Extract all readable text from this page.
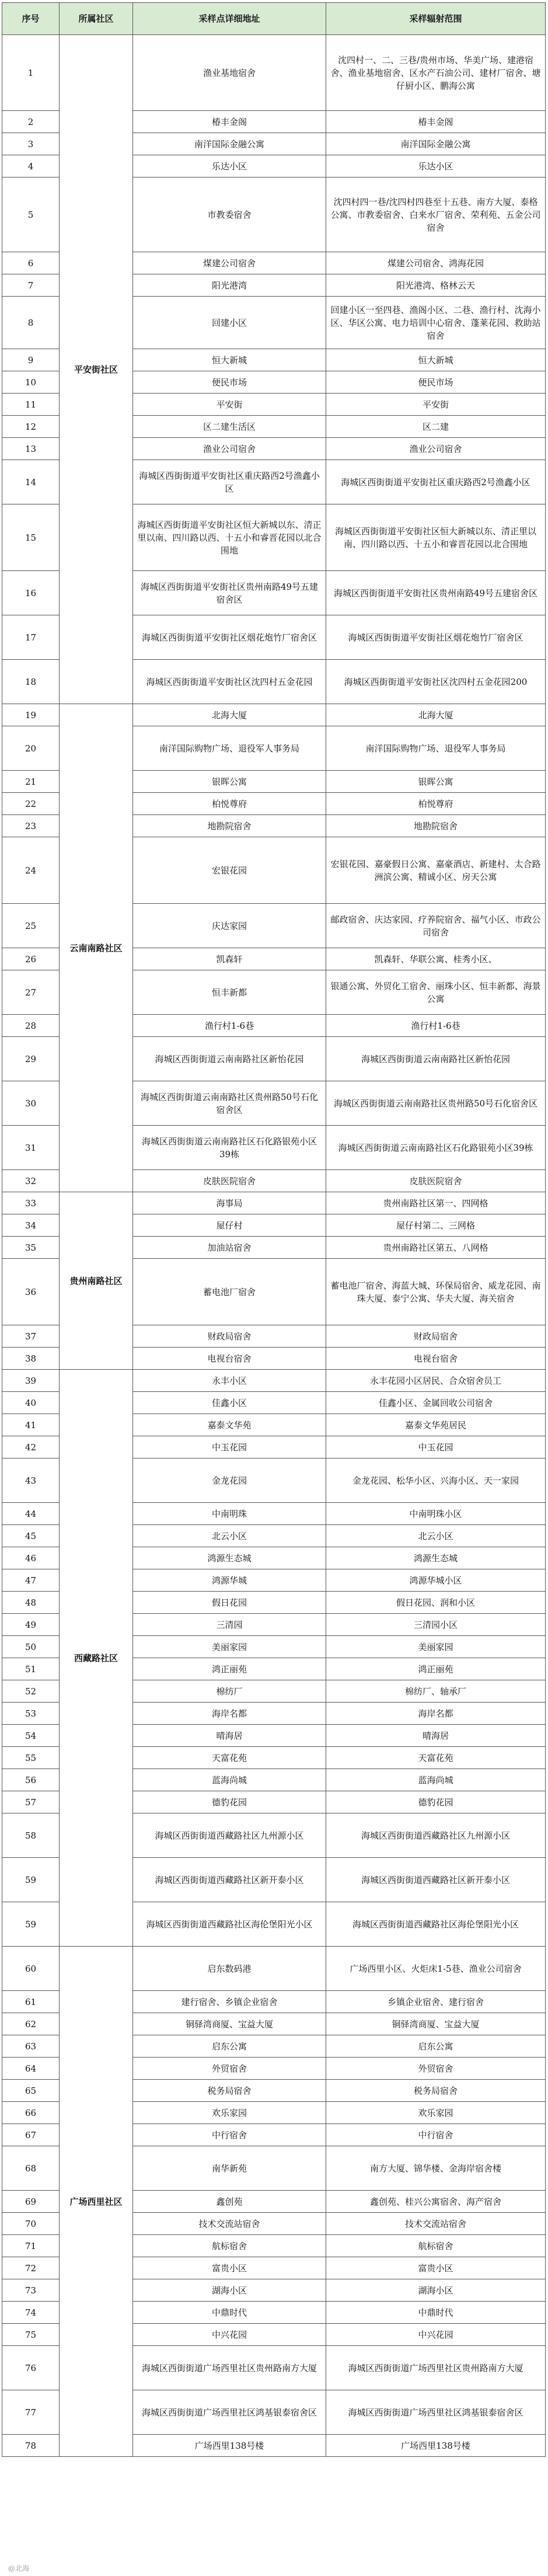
序号	所属社区	采样点详细地址	采样辐射范围
1	平安街社区	渔业基地宿舍	沈四村一、二、三巷/贵州市场、华美广场、建港宿舍、渔业基地宿舍、区水产石油公司、建材厂宿舍、塘仔厨小区、鹏海公寓
2		椿丰金阁	椿丰金阁
3		南洋国际金融公寓	南洋国际金融公寓
4		乐达小区	乐达小区
5		市教委宿舍	沈四村四一巷/沈四村四巷至十五巷、南方大厦、泰格公寓、市教委宿舍、白来水厂宿舍、荣利苑、五金公司宿舍
6		煤建公司宿舍	煤建公司宿舍、鸿海花园
7		阳光港湾	阳光港湾、格林云天
8		回建小区	回建小区一至四巷、渔阁小区、二巷、渔行村、沈海小区、华区公寓、电力培训中心宿舍、蓬莱花园、救助站宿舍
9		恒大新城	恒大新城
10		便民市场	便民市场
11		平安街	平安街
12		区二建生活区	区二建
13		渔业公司宿舍	渔业公司宿舍
14		海城区西街街道平安街社区重庆路西2号渔鑫小区	海城区西街街道平安街社区重庆路西2号渔鑫小区
15		海城区西街街道平安街社区恒大新城以东、清正里以南、四川路以西、十五小和睿晋花园以北合围地	海城区西街街道平安街社区恒大新城以东、清正里以南、四川路以西、十五小和睿晋花园以北合围地
16		海城区西街街道平安街社区贵州南路49号五建宿舍区	海城区西街街道平安街社区贵州南路49号五建宿舍区
17		海城区西街街道平安街社区烟花炮竹厂宿舍区	海城区西街街道平安街社区烟花炮竹厂宿舍区
18		海城区西街街道平安街社区沈四村五金花园	海城区西街街道平安街社区沈四村五金花园200
19	云南南路社区	北海大厦	北海大厦
20		南洋国际购物广场、退役军人事务局	南洋国际购物广场、退役军人事务局
21		银晖公寓	银晖公寓
22		柏悦尊府	柏悦尊府
23		地勘院宿舍	地勘院宿舍
24		宏银花园	宏银花园、嘉豪假日公寓、嘉豪酒店、新建村、太合路洲滨公寓、精诚小区、房天公寓
25		庆达家园	邮政宿舍、庆达家园、疗养院宿舍、福气小区、市政公司宿舍
26		凯森轩	凯森轩、华联公寓、桂秀小区、
27		恒丰新都	银通公寓、外贸化工宿舍、丽珠小区、恒丰新都、海景公寓
28		渔行村1-6巷	渔行村1-6巷
29		海城区西街街道云南南路社区新怡花园	海城区西街街道云南南路社区新怡花园
30		海城区西街街道云南南路社区贵州路50号石化宿舍区	海城区西街街道云南南路社区贵州路50号石化宿舍区
31		海城区西街街道云南南路社区石化路银苑小区39栋	海城区西街街道云南南路社区石化路银苑小区39栋
32		皮肤医院宿舍	皮肤医院宿舍
33	贵州南路社区	海事局	贵州南路社区第一、四网格
34		屋仔村	屋仔村第二、三网格
35		加油站宿舍	贵州南路社区第五、八网格
36		蓄电池厂宿舍	蓄电池厂宿舍、海蓝大城、环保局宿舍、威龙花园、南珠大厦、泰宁公寓、华夫大厦、海关宿舍
37		财政局宿舍	财政局宿舍
38		电视台宿舍	电视台宿舍
39	西藏路社区	永丰小区	永丰花园小区居民、合众宿舍员工
40		佳鑫小区	佳鑫小区、金属回收公司宿舍
41		嘉泰文华苑	嘉泰文华苑居民
42		中玉花园	中玉花园
43		金龙花园	金龙花园、松华小区、兴海小区、天一家园
44		中南明珠	中南明珠小区
45		北云小区	北云小区
46		鸿源生态城	鸿源生态城
47		鸿源华城	鸿源华城小区
48		假日花园	假日花园、润和小区
49		三清园	三清园小区
50		美丽家园	美丽家园
51		鸿正丽苑	鸿正丽苑
52		棉纺厂	棉纺厂、轴承厂
53		海岸名都	海岸名都
54		晴海居	晴海居
55		天富花苑	天富花苑
56		蓝海尚城	蓝海尚城
57		德豹花园	德豹花园
58		海城区西街街道西藏路社区九州源小区	海城区西街街道西藏路社区九州源小区
59		海城区西街街道西藏路社区新开泰小区	海城区西街街道西藏路社区新开泰小区
59		海城区西街街道西藏路社区海伦堡阳光小区	海城区西街街道西藏路社区海伦堡阳光小区
60	广场西里社区	启东数码港	广场西里小区、火炬床1-5巷、渔业公司宿舍
61		建行宿舍、乡镇企业宿舍	乡镇企业宿舍、建行宿舍
62		铜驿湾商厦、宝益大厦	铜驿湾商厦、宝益大厦
63		启东公寓	启东公寓
64		外贸宿舍	外贸宿舍
65		税务局宿舍	税务局宿舍
66		欢乐家园	欢乐家园
67		中行宿舍	中行宿舍
68		南华新苑	南方大厦、锦华楼、金海岸宿舍楼
69		鑫创苑	鑫创苑、桂兴公寓宿舍、海产宿舍
70		技术交流站宿舍	技术交流站宿舍
71		航标宿舍	航标宿舍
72		富贵小区	富贵小区
73		湖海小区	湖海小区
74		中鼎时代	中鼎时代
75		中兴花园	中兴花园
76		海城区西街街道广场西里社区贵州路南方大厦	海城区西街街道广场西里社区贵州路南方大厦
77		海城区西街街道广场西里社区鸿基银泰宿舍区	海城区西街街道广场西里社区鸿基银泰宿舍区
78		广场西里138号楼	广场西里138号楼
@北海
